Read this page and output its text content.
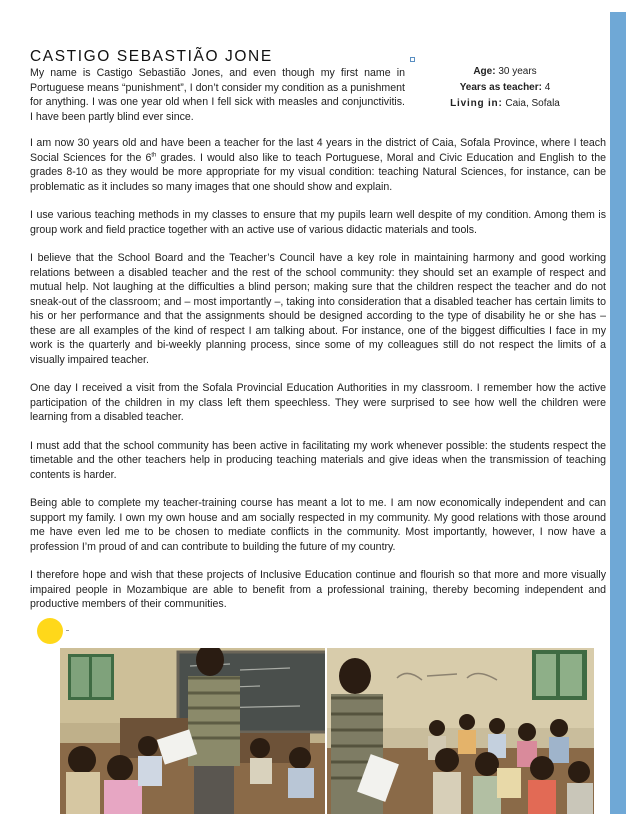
CASTIGO SEBASTIÃO JONE
Age: 30 years
Years as teacher: 4
Living in: Caia, Sofala

My name is Castigo Sebastião Jones, and even though my first name in Portuguese means “punishment”, I don’t consider my condition as a punishment for anything. I was one year old when I fell sick with measles and conjunctivitis. I have been partly blind ever since.

I am now 30 years old and have been a teacher for the last 4 years in the district of Caia, Sofala Province, where I teach Social Sciences for the 6th grades. I would also like to teach Portuguese, Moral and Civic Education and English to the grades 8-10 as they would be more appropriate for my visual condition: teaching Natural Sciences, for instance, can be problematic as it includes so many images that one should show and explain.

I use various teaching methods in my classes to ensure that my pupils learn well despite of my condition. Among them is group work and field practice together with an active use of various didactic materials and tools.

I believe that the School Board and the Teacher’s Council have a key role in maintaining harmony and good working relations between a disabled teacher and the rest of the school community: they should set an example of respect and mutual help. Not laughing at the difficulties a blind person; making sure that the children respect the teacher and do not sneak-out of the classroom; and – most importantly –, taking into consideration that a disabled teacher has certain limits to his or her performance and that the assignments should be designed according to the type of disability he or she has – these are all examples of the kind of respect I am talking about. For instance, one of the biggest difficulties I face in my work is the quarterly and bi-weekly planning process, since some of my colleagues still do not respect the limits of a visually impaired teacher.

One day I received a visit from the Sofala Provincial Education Authorities in my classroom. I remember how the active participation of the children in my class left them speechless. They were surprised to see how well the children were learning from a disabled teacher.

I must add that the school community has been active in facilitating my work whenever possible: the students respect the timetable and the other teachers help in producing teaching materials and give ideas when the transmission of teaching contents is harder.

Being able to complete my teacher-training course has meant a lot to me. I am now economically independent and can support my family. I own my own house and am socially respected in my community. My good relations with those around me have even led me to be chosen to mediate conflicts in the community. Most importantly, however, I now have a profession I’m proud of and can contribute to building the future of my country.

I therefore hope and wish that these projects of Inclusive Education continue and flourish so that more and more visually impaired people in Mozambique are able to benefit from a professional training, thereby becoming independent and productive members of their communities.
